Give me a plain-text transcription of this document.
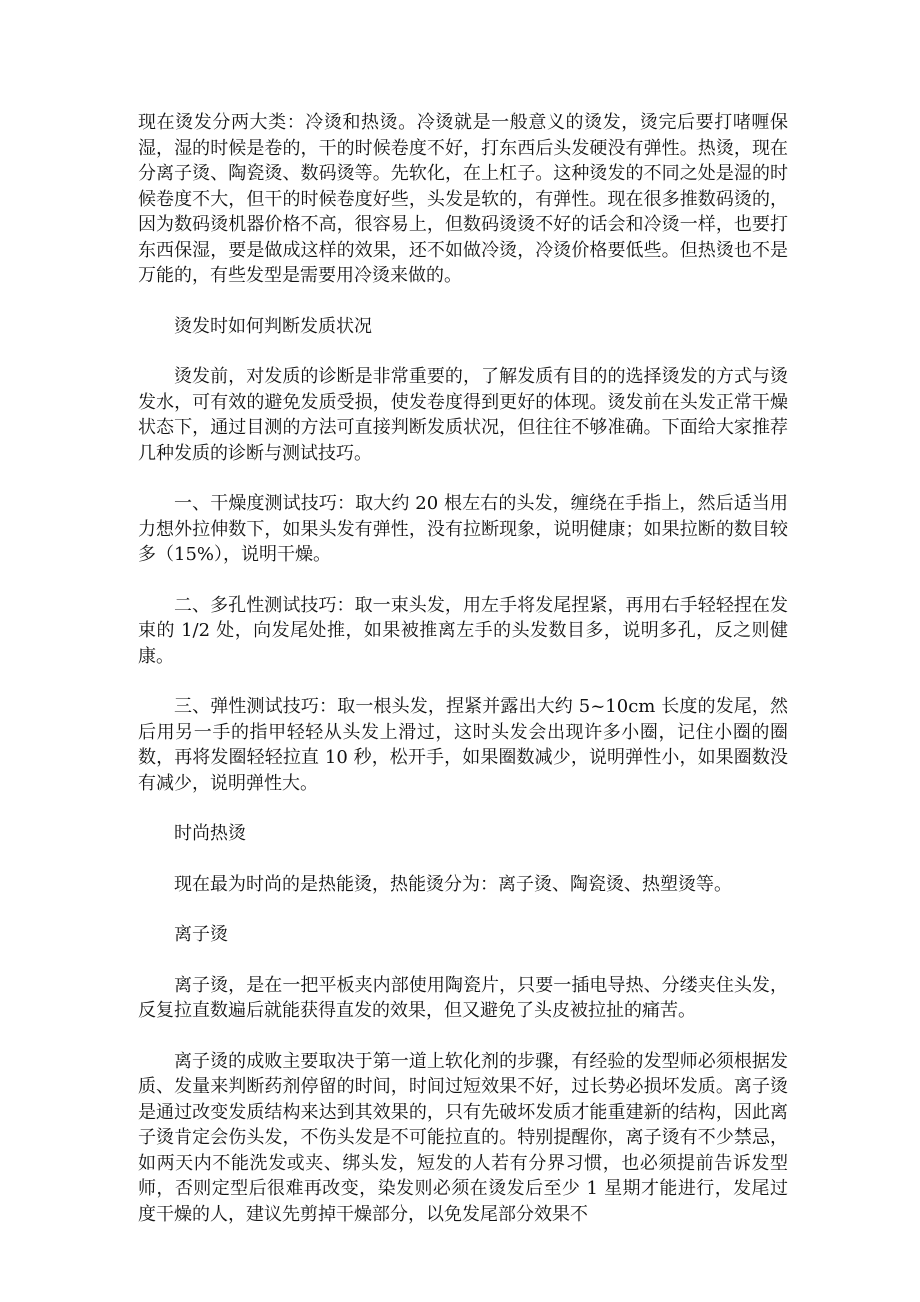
现在烫发分两大类：冷烫和热烫。冷烫就是一般意义的烫发，烫完后要打啫喱保湿，湿的时候是卷的，干的时候卷度不好，打东西后头发硬没有弹性。热烫，现在分离子烫、陶瓷烫、数码烫等。先软化，在上杠子。这种烫发的不同之处是湿的时候卷度不大，但干的时候卷度好些，头发是软的，有弹性。现在很多推数码烫的，因为数码烫机器价格不高，很容易上，但数码烫烫不好的话会和冷烫一样，也要打东西保湿，要是做成这样的效果，还不如做冷烫，冷烫价格要低些。但热烫也不是万能的，有些发型是需要用冷烫来做的。

烫发时如何判断发质状况

烫发前，对发质的诊断是非常重要的，了解发质有目的的选择烫发的方式与烫发水，可有效的避免发质受损，使发卷度得到更好的体现。烫发前在头发正常干燥状态下，通过目测的方法可直接判断发质状况，但往往不够准确。下面给大家推荐几种发质的诊断与测试技巧。

一、干燥度测试技巧：取大约 20 根左右的头发，缠绕在手指上，然后适当用力想外拉伸数下，如果头发有弹性，没有拉断现象，说明健康；如果拉断的数目较多（15%），说明干燥。

二、多孔性测试技巧：取一束头发，用左手将发尾捏紧，再用右手轻轻捏在发束的 1/2 处，向发尾处推，如果被推离左手的头发数目多，说明多孔，反之则健康。

三、弹性测试技巧：取一根头发，捏紧并露出大约 5~10cm 长度的发尾，然后用另一手的指甲轻轻从头发上滑过，这时头发会出现许多小圈，记住小圈的圈数，再将发圈轻轻拉直 10 秒，松开手，如果圈数减少，说明弹性小，如果圈数没有减少，说明弹性大。

时尚热烫

现在最为时尚的是热能烫，热能烫分为：离子烫、陶瓷烫、热塑烫等。

离子烫

离子烫，是在一把平板夹内部使用陶瓷片，只要一插电导热、分缕夹住头发，反复拉直数遍后就能获得直发的效果，但又避免了头皮被拉扯的痛苦。

离子烫的成败主要取决于第一道上软化剂的步骤，有经验的发型师必须根据发质、发量来判断药剂停留的时间，时间过短效果不好，过长势必损坏发质。离子烫是通过改变发质结构来达到其效果的，只有先破坏发质才能重建新的结构，因此离子烫肯定会伤头发，不伤头发是不可能拉直的。特别提醒你，离子烫有不少禁忌，如两天内不能洗发或夹、绑头发，短发的人若有分界习惯，也必须提前告诉发型师，否则定型后很难再改变，染发则必须在烫发后至少 1 星期才能进行，发尾过度干燥的人，建议先剪掉干燥部分，以免发尾部分效果不
